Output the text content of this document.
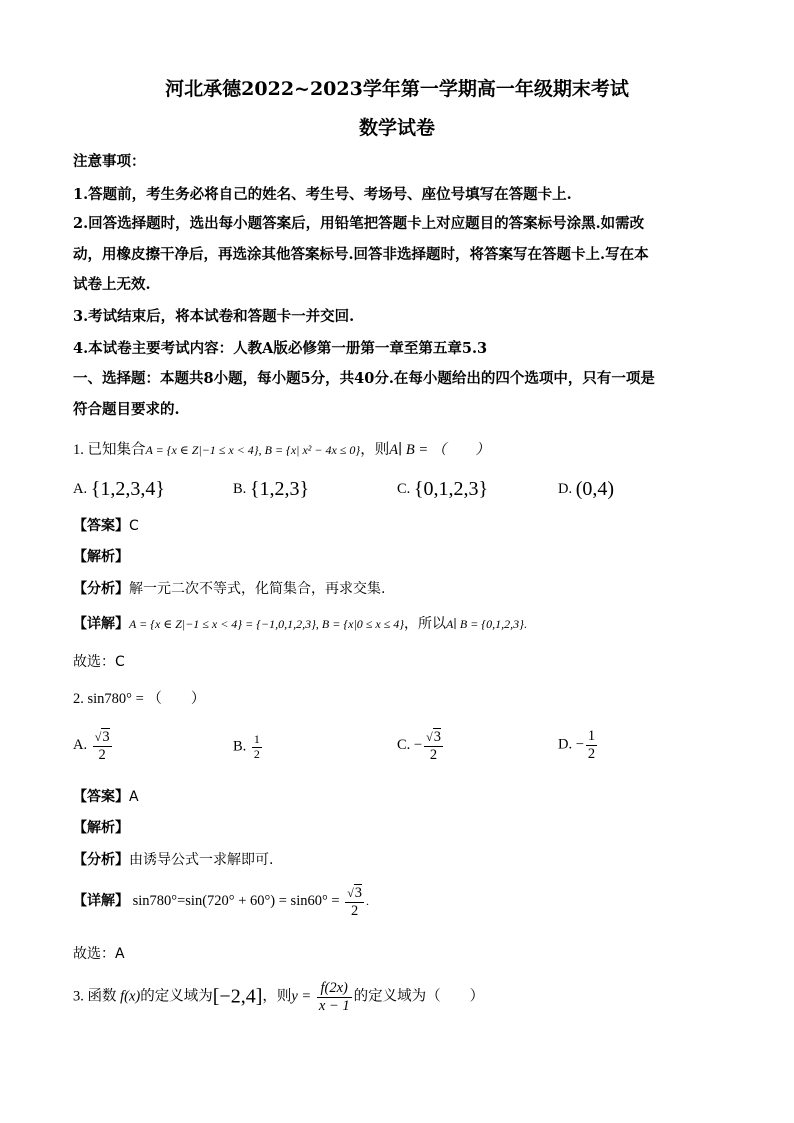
河北承德2022~2023学年第一学期高一年级期末考试
数学试卷
注意事项：
1.答题前，考生务必将自己的姓名、考生号、考场号、座位号填写在答题卡上.
2.回答选择题时，选出每小题答案后，用铅笔把答题卡上对应题目的答案标号涂黑.如需改
动，用橡皮擦干净后，再选涂其他答案标号.回答非选择题时，将答案写在答题卡上.写在本
试卷上无效.
3.考试结束后，将本试卷和答题卡一并交回.
4.本试卷主要考试内容：人教A版必修第一册第一章至第五章5.3
一、选择题：本题共8小题，每小题5分，共40分.在每小题给出的四个选项中，只有一项是
符合题目要求的.
1. 已知集合A = {x ∈ Z|−1 ≤ x < 4}, B = {x| x² − 4x ≤ 0}，则A∣ B = （　　）
A. {1,2,3,4}	B. {1,2,3}	C. {0,1,2,3}	D. (0,4)
【答案】C
【解析】
【分析】解一元二次不等式，化简集合，再求交集.
【详解】A = {x ∈ Z|−1 ≤ x < 4} = {−1,0,1,2,3}, B = {x|0 ≤ x ≤ 4}，所以A∣ B = {0,1,2,3}.
故选：C
2. sin780° = （　　）
A. $\frac{√3}{2}$	B. $\frac{1}{2}$	C. − $\frac{√3}{2}$	D. − $\frac{1}{2}$
【答案】A
【解析】
【分析】由诱导公式一求解即可.
【详解】 $\sin 780^\circ=\sin(720^\circ + 60^\circ) = \sin 60^\circ = \frac{√3}{2}$ .
故选：A
3. 函数 f(x)的定义域为[−2,4]，则$y = \frac{f(2x)}{x - 1}$ 的定义域为（　　）
